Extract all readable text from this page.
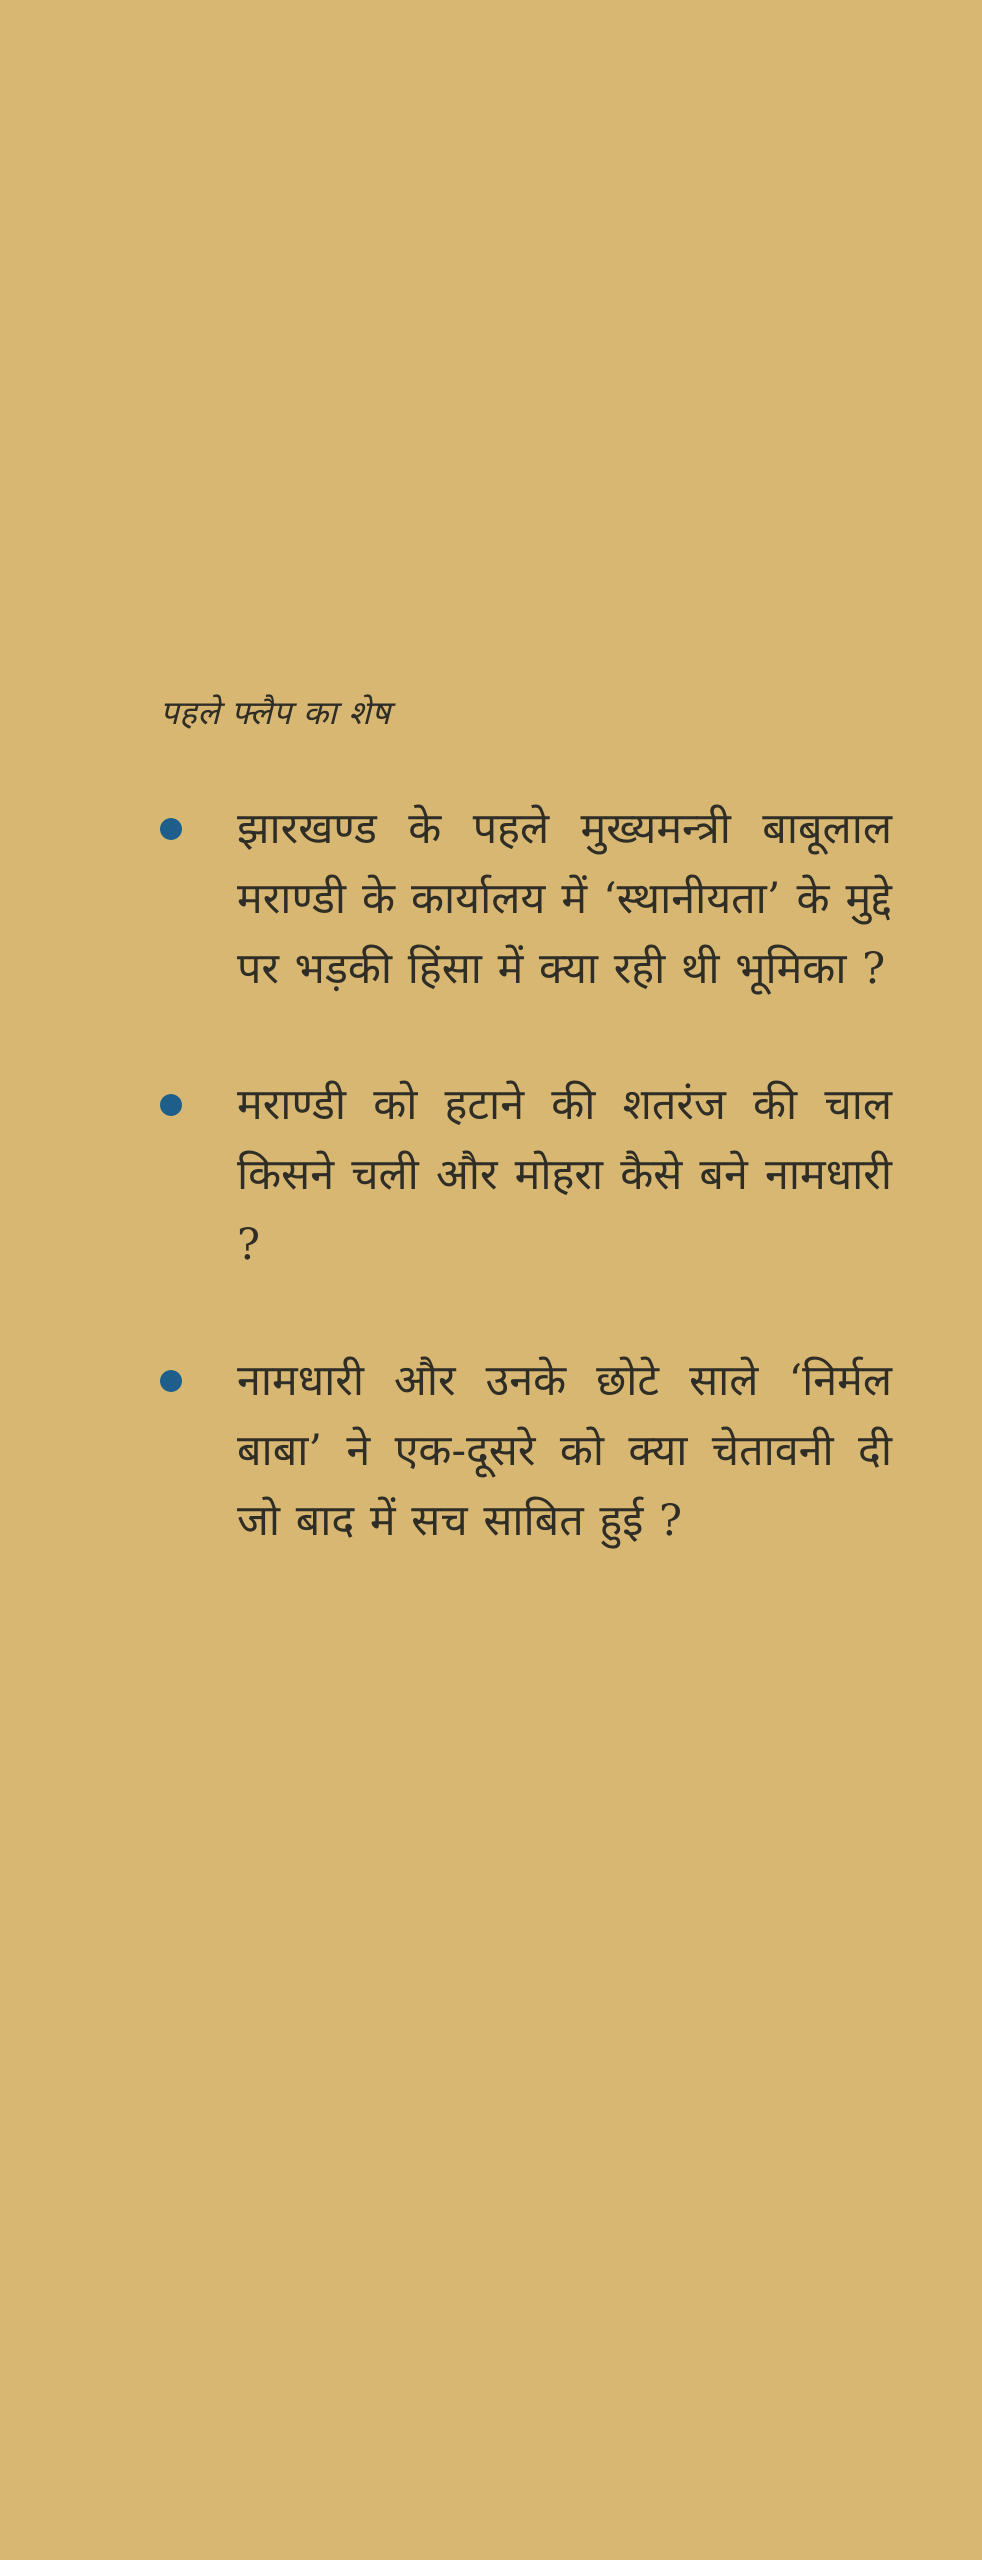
पहले फ्लैप का शेष

झारखण्ड के पहले मुख्यमन्त्री बाबूलाल मराण्डी के कार्यालय में ‘स्थानीयता’ के मुद्दे पर भड़की हिंसा में क्या रही थी भूमिका ?
मराण्डी को हटाने की शतरंज की चाल किसने चली और मोहरा कैसे बने नामधारी ?
नामधारी और उनके छोटे साले ‘निर्मल बाबा’ ने एक-दूसरे को क्या चेतावनी दी जो बाद में सच साबित हुई ?
